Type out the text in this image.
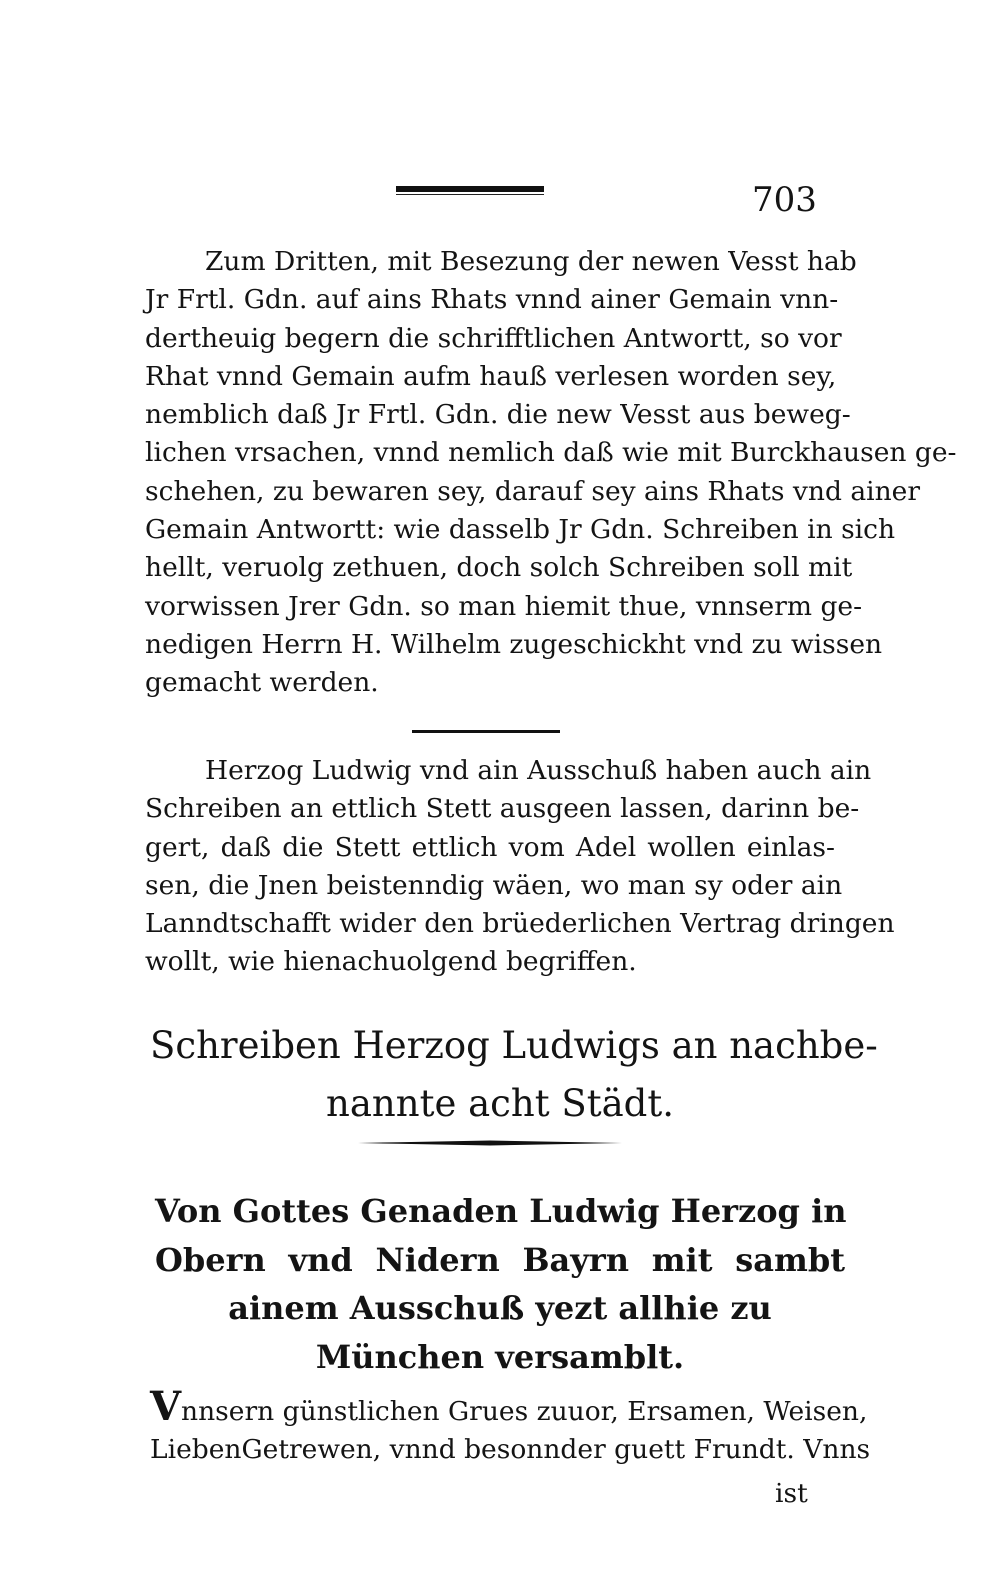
703
Zum Dritten, mit Besezung der newen Vesst hab
Jr Frtl. Gdn. auf ains Rhats vnnd ainer Gemain vnn-
dertheuig begern die schrifftlichen Antwortt, so vor
Rhat vnnd Gemain aufm hauß verlesen worden sey,
nemblich daß Jr Frtl. Gdn. die new Vesst aus beweg-
lichen vrsachen, vnnd nemlich daß wie mit Burckhausen ge-
schehen, zu bewaren sey, darauf sey ains Rhats vnd ainer
Gemain Antwortt: wie dasselb Jr Gdn. Schreiben in sich
hellt, veruolg zethuen, doch solch Schreiben soll mit
vorwissen Jrer Gdn. so man hiemit thue, vnnserm ge-
nedigen Herrn H. Wilhelm zugeschickht vnd zu wissen
gemacht werden.
Herzog Ludwig vnd ain Ausschuß haben auch ain
Schreiben an ettlich Stett ausgeen lassen, darinn be-
gert, daß die Stett ettlich vom Adel wollen einlas-
sen, die Jnen beistenndig wäen, wo man sy oder ain
Lanndtschafft wider den brüederlichen Vertrag dringen
wollt, wie hienachuolgend begriffen.
Schreiben Herzog Ludwigs an nachbe-
nannte acht Städt.
Von Gottes Genaden Ludwig Herzog in
Obern vnd Nidern Bayrn mit sambt
ainem Ausschuß yezt allhie zu
München versamblt.
Vnnsern günstlichen Grues zuuor, Ersamen, Weisen,
LiebenGetrewen, vnnd besonnder guett Frundt. Vnns
ist
